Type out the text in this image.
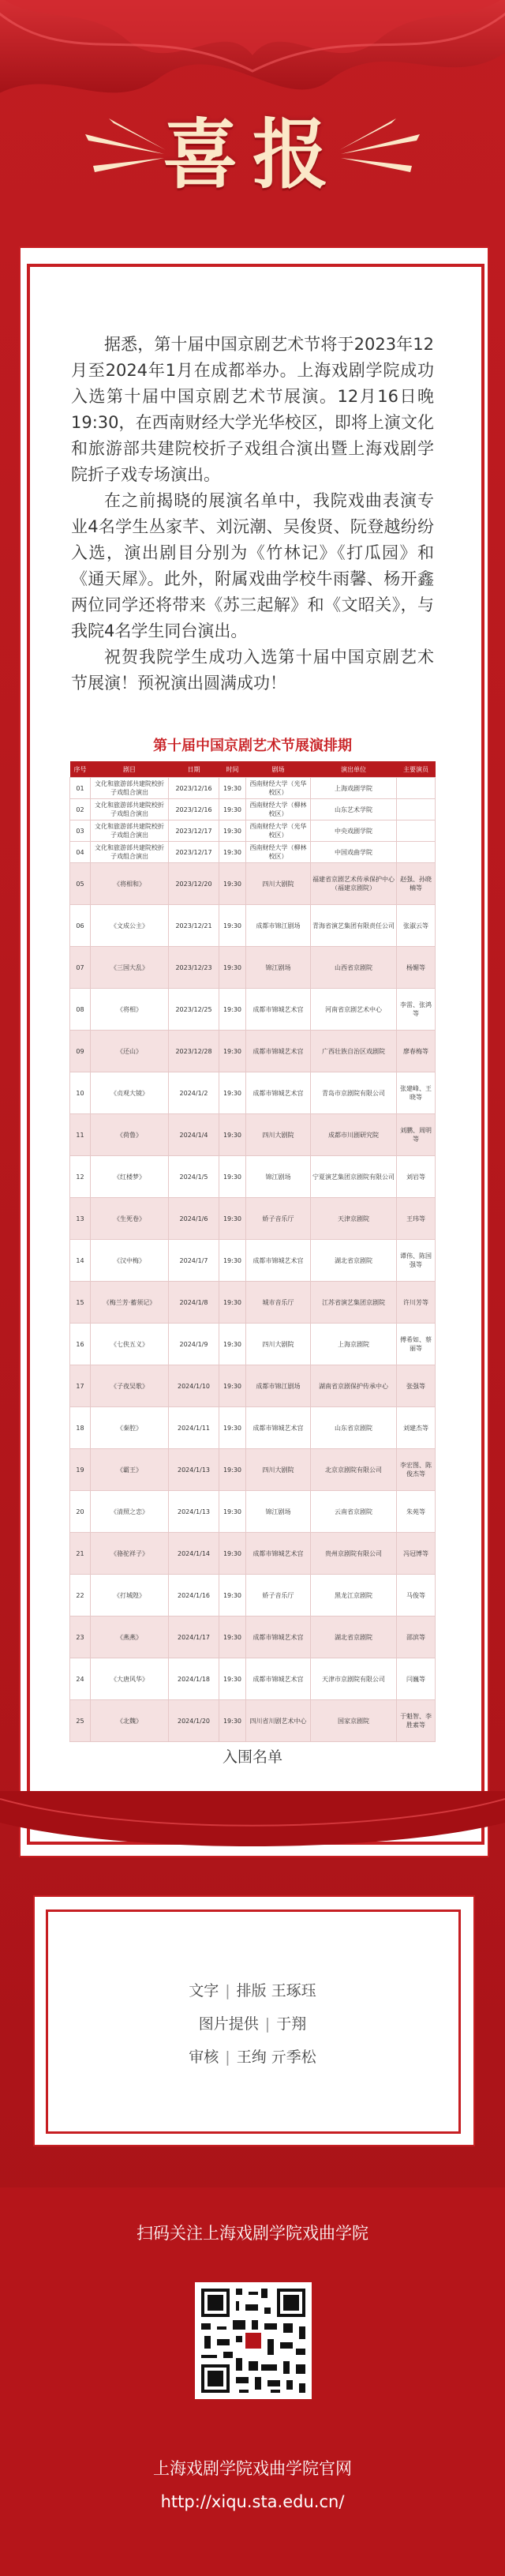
喜报

据悉，第十届中国京剧艺术节将于2023年12月至2024年1月在成都举办。上海戏剧学院成功入选第十届中国京剧艺术节展演。12月16日晚19:30，在西南财经大学光华校区，即将上演文化和旅游部共建院校折子戏组合演出暨上海戏剧学院折子戏专场演出。

在之前揭晓的展演名单中，我院戏曲表演专业4名学生丛家芊、刘沅潮、吴俊贤、阮登越纷纷入选，演出剧目分别为《竹林记》《打瓜园》和《通天犀》。此外，附属戏曲学校牛雨馨、杨开鑫两位同学还将带来《苏三起解》和《文昭关》，与我院4名学生同台演出。

祝贺我院学生成功入选第十届中国京剧艺术节展演！预祝演出圆满成功！

第十届中国京剧艺术节展演排期
序号	剧目	日期	时间	剧场	演出单位	主要演员
01	文化和旅游部共建院校折子戏组合演出	2023/12/16	19:30	西南财经大学（光华校区）	上海戏剧学院	
02	文化和旅游部共建院校折子戏组合演出	2023/12/16	19:30	西南财经大学（柳林校区）	山东艺术学院	
03	文化和旅游部共建院校折子戏组合演出	2023/12/17	19:30	西南财经大学（光华校区）	中央戏剧学院	
04	文化和旅游部共建院校折子戏组合演出	2023/12/17	19:30	西南财经大学（柳林校区）	中国戏曲学院	
05	《将相和》	2023/12/20	19:30	四川大剧院	福建省京剧艺术传承保护中心（福建京剧院）	赵强、孙晓楠等
06	《文成公主》	2023/12/21	19:30	成都市锦江剧场	青海省演艺集团有限责任公司	张淑云等
07	《三国大乱》	2023/12/23	19:30	锦江剧场	山西省京剧院	杨媚等
08	《将相》	2023/12/25	19:30	成都市锦城艺术宫	河南省京剧艺术中心	李雷、张鸿等
09	《还山》	2023/12/28	19:30	成都市锦城艺术宫	广西壮族自治区戏剧院	廖春梅等
10	《贞观大镜》	2024/1/2	19:30	成都市锦城艺术宫	青岛市京剧院有限公司	张建峰、王晓等
11	《荷鲁》	2024/1/4	19:30	四川大剧院	成都市川剧研究院	刘鹏、周明等
12	《红楼梦》	2024/1/5	19:30	锦江剧场	宁夏演艺集团京剧院有限公司	刘岩等
13	《生死卷》	2024/1/6	19:30	娇子音乐厅	天津京剧院	王玮等
14	《汉中梅》	2024/1/7	19:30	成都市锦城艺术宫	湖北省京剧院	谭伟、陈国强等
15	《梅兰芳·蓄须记》	2024/1/8	19:30	城市音乐厅	江苏省演艺集团京剧院	许川芳等
16	《七侠五义》	2024/1/9	19:30	四川大剧院	上海京剧院	傅希如、蔡丽等
17	《子夜吴歌》	2024/1/10	19:30	成都市锦江剧场	湖南省京剧保护传承中心	张强等
18	《秦腔》	2024/1/11	19:30	成都市锦城艺术宫	山东省京剧院	刘建杰等
19	《霸王》	2024/1/13	19:30	四川大剧院	北京京剧院有限公司	李宏图、陈俊杰等
20	《清照之恋》	2024/1/13	19:30	锦江剧场	云南省京剧院	朱苑等
21	《骆驼祥子》	2024/1/14	19:30	成都市锦城艺术宫	贵州京剧院有限公司	冯冠博等
22	《打城隍》	2024/1/16	19:30	娇子音乐厅	黑龙江京剧院	马俊等
23	《燕燕》	2024/1/17	19:30	成都市锦城艺术宫	湖北省京剧院	邵滨等
24	《大唐风华》	2024/1/18	19:30	成都市锦城艺术宫	天津市京剧院有限公司	闫巍等
25	《北魏》	2024/1/20	19:30	四川省川剧艺术中心	国家京剧院	于魁智、李胜素等
入围名单
文字 | 排版 王琢珏
图片提供 | 于翔
审核 | 王绚 亓季松
扫码关注上海戏剧学院戏曲学院
上海戏剧学院戏曲学院官网
http://xiqu.sta.edu.cn/
